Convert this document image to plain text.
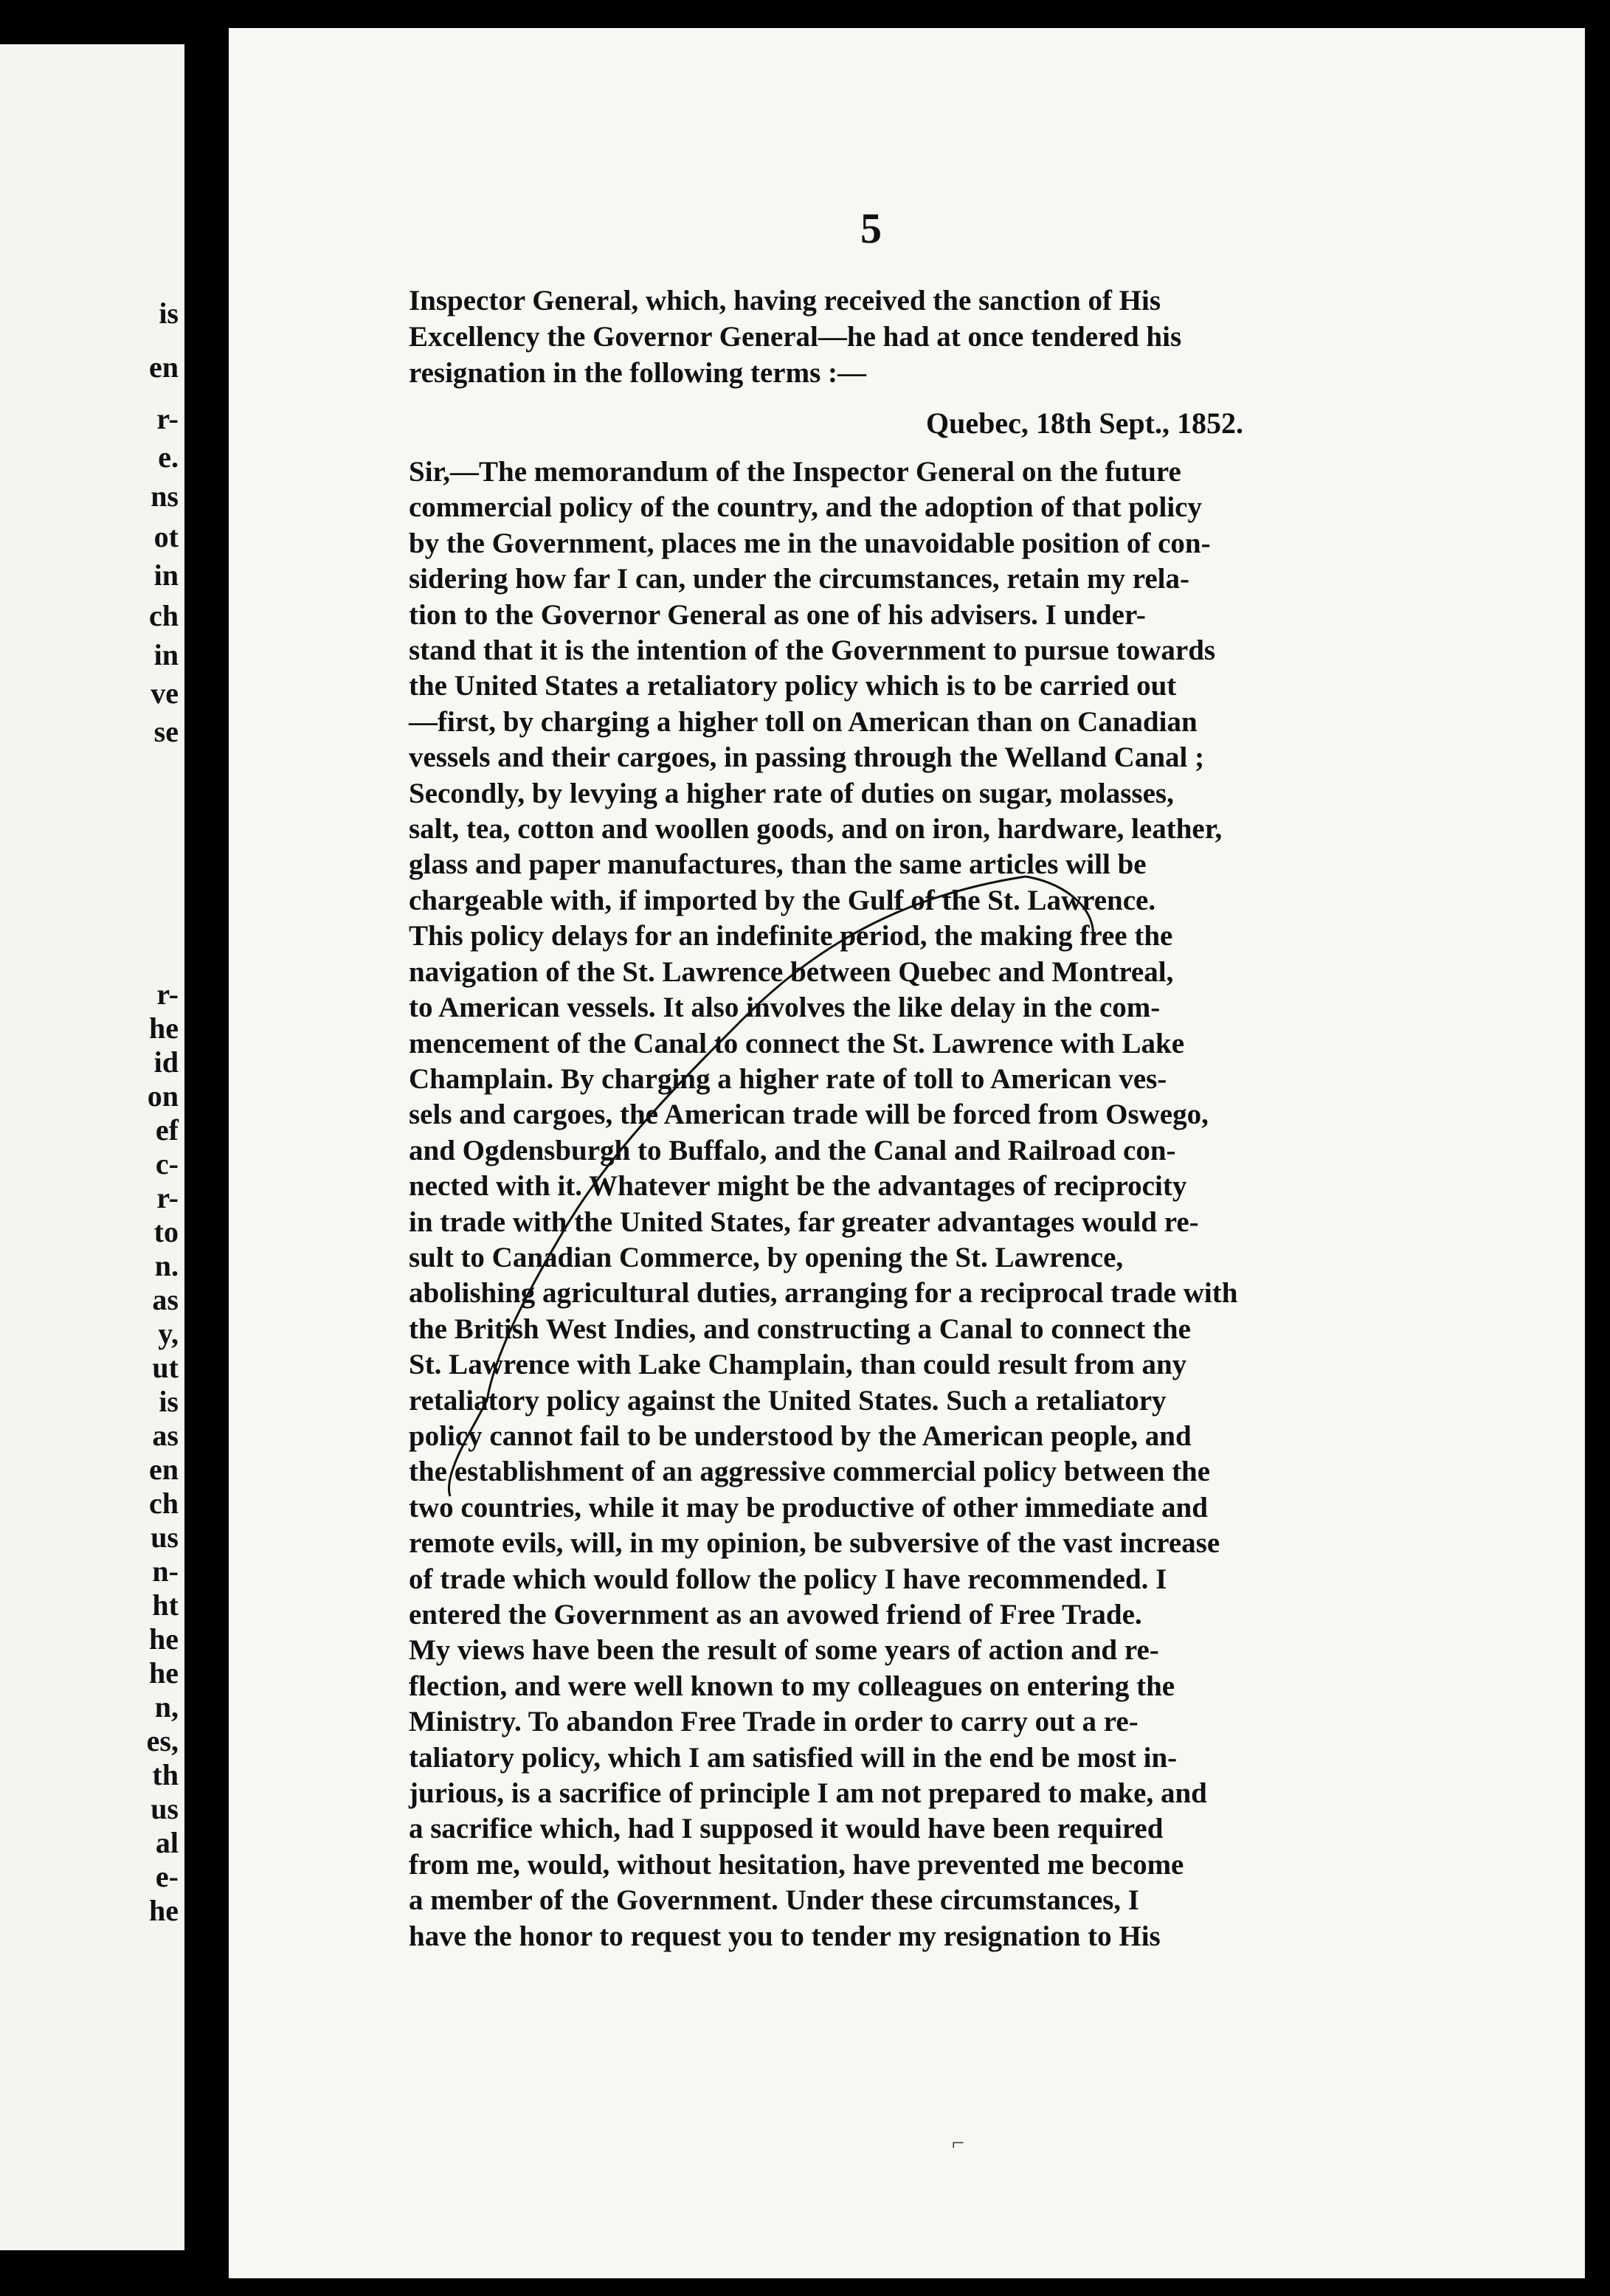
is
en
r-
e.
ns
ot
in
ch
in
ve
se
r-
he
id
on
ef
c-
r-
to
n.
as
y,
ut
is
as
en
ch
us
n-
ht
he
he
n,
es,
th
us
al
e-
he
5
Inspector General, which, having received the sanction of His
Excellency the Governor General—he had at once tendered his
resignation in the following terms :—
Quebec, 18th Sept., 1852.
Sir,—The memorandum of the Inspector General on the future
commercial policy of the country, and the adoption of that policy
by the Government, places me in the unavoidable position of con-
sidering how far I can, under the circumstances, retain my rela-
tion to the Governor General as one of his advisers. I under-
stand that it is the intention of the Government to pursue towards
the United States a retaliatory policy which is to be carried out
—first, by charging a higher toll on American than on Canadian
vessels and their cargoes, in passing through the Welland Canal ;
Secondly, by levying a higher rate of duties on sugar, molasses,
salt, tea, cotton and woollen goods, and on iron, hardware, leather,
glass and paper manufactures, than the same articles will be
chargeable with, if imported by the Gulf of the St. Lawrence.
This policy delays for an indefinite period, the making free the
navigation of the St. Lawrence between Quebec and Montreal,
to American vessels. It also involves the like delay in the com-
mencement of the Canal to connect the St. Lawrence with Lake
Champlain. By charging a higher rate of toll to American ves-
sels and cargoes, the American trade will be forced from Oswego,
and Ogdensburgh to Buffalo, and the Canal and Railroad con-
nected with it. Whatever might be the advantages of reciprocity
in trade with the United States, far greater advantages would re-
sult to Canadian Commerce, by opening the St. Lawrence,
abolishing agricultural duties, arranging for a reciprocal trade with
the British West Indies, and constructing a Canal to connect the
St. Lawrence with Lake Champlain, than could result from any
retaliatory policy against the United States. Such a retaliatory
policy cannot fail to be understood by the American people, and
the establishment of an aggressive commercial policy between the
two countries, while it may be productive of other immediate and
remote evils, will, in my opinion, be subversive of the vast increase
of trade which would follow the policy I have recommended. I
entered the Government as an avowed friend of Free Trade.
My views have been the result of some years of action and re-
flection, and were well known to my colleagues on entering the
Ministry. To abandon Free Trade in order to carry out a re-
taliatory policy, which I am satisfied will in the end be most in-
jurious, is a sacrifice of principle I am not prepared to make, and
a sacrifice which, had I supposed it would have been required
from me, would, without hesitation, have prevented me become
a member of the Government. Under these circumstances, I
have the honor to request you to tender my resignation to His
⌐
